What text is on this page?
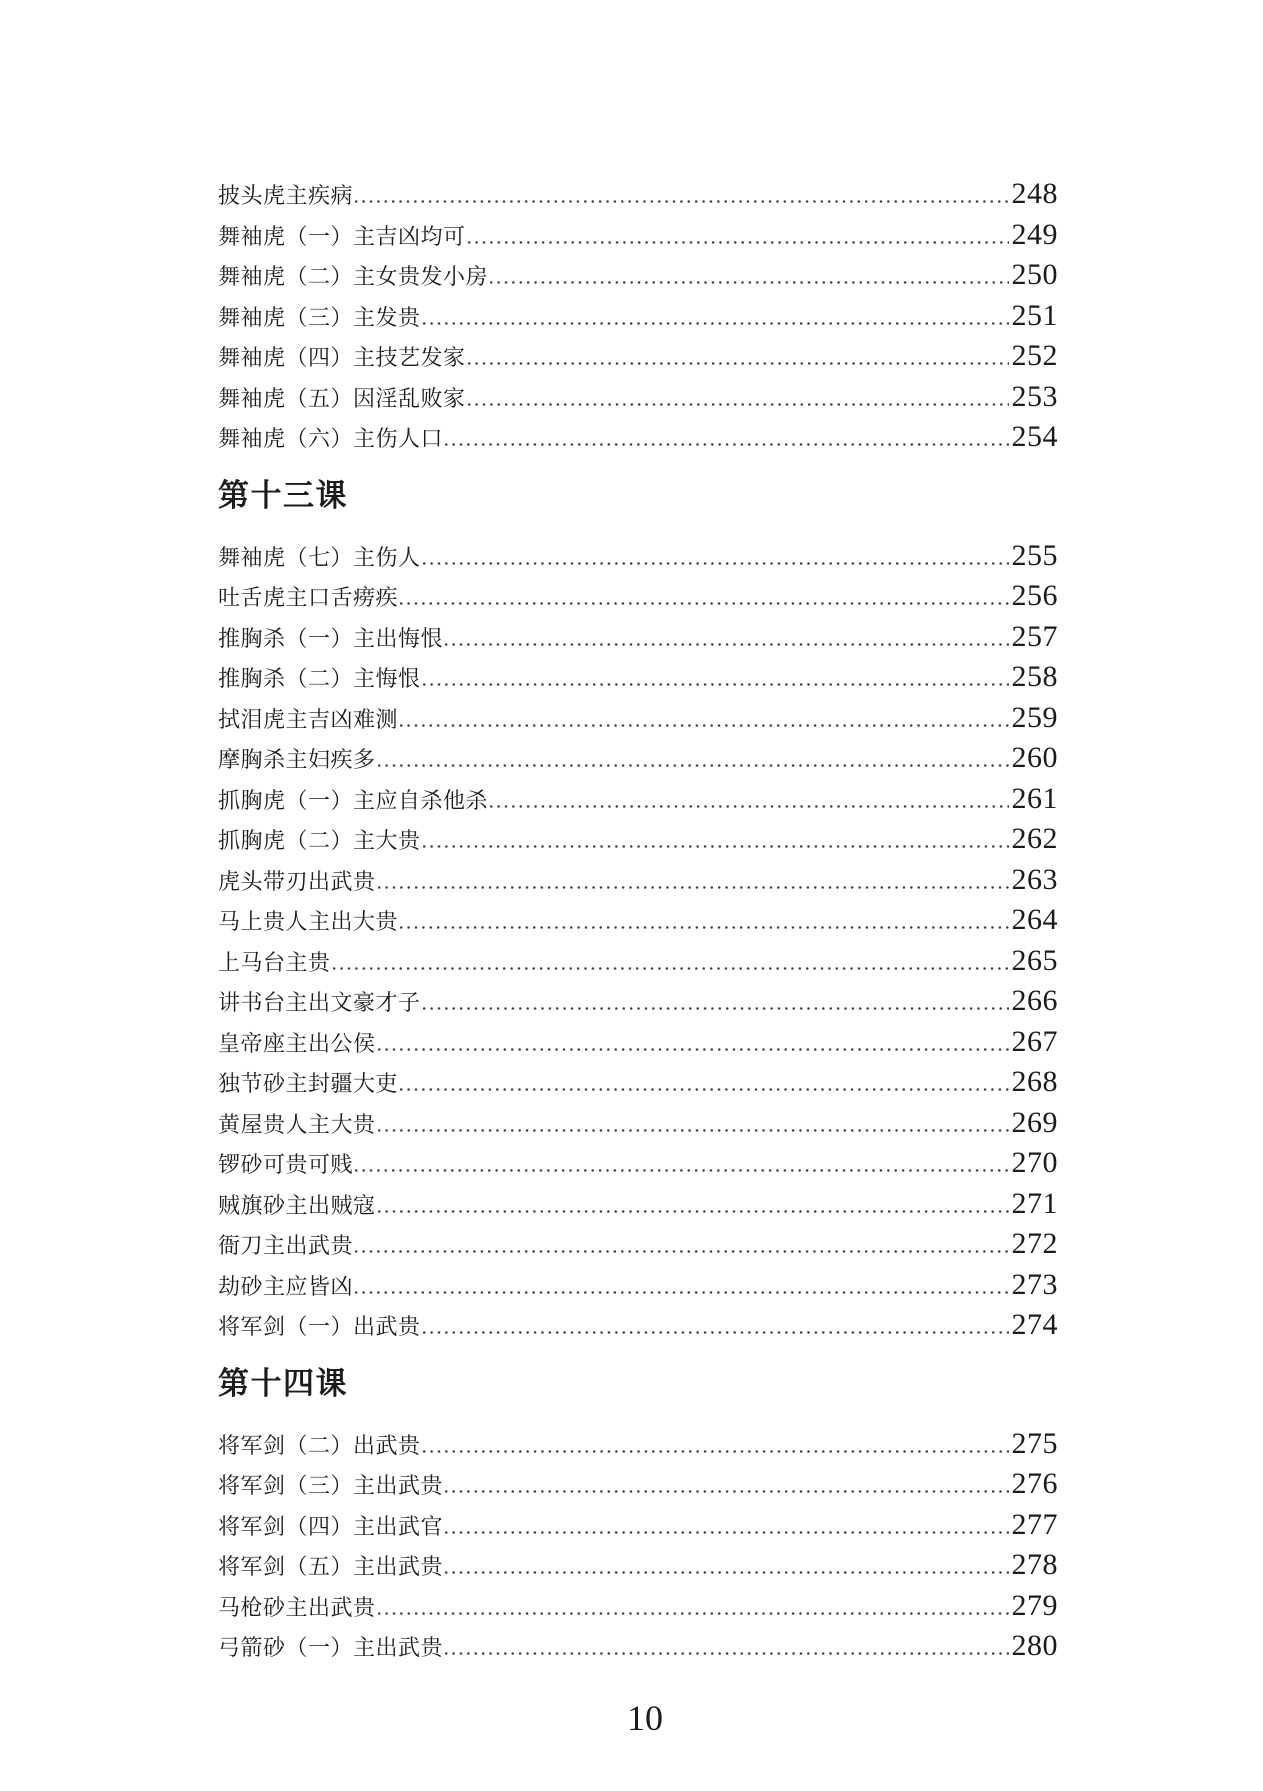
披头虎主疾病	248
舞袖虎（一）主吉凶均可	249
舞袖虎（二）主女贵发小房	250
舞袖虎（三）主发贵	251
舞袖虎（四）主技艺发家	252
舞袖虎（五）因淫乱败家	253
舞袖虎（六）主伤人口	254
第十三课
舞袖虎（七）主伤人	255
吐舌虎主口舌痨疾	256
推胸杀（一）主出悔恨	257
推胸杀（二）主悔恨	258
拭泪虎主吉凶难测	259
摩胸杀主妇疾多	260
抓胸虎（一）主应自杀他杀	261
抓胸虎（二）主大贵	262
虎头带刃出武贵	263
马上贵人主出大贵	264
上马台主贵	265
讲书台主出文豪才子	266
皇帝座主出公侯	267
独节砂主封疆大吏	268
黄屋贵人主大贵	269
锣砂可贵可贱	270
贼旗砂主出贼寇	271
衙刀主出武贵	272
劫砂主应皆凶	273
将军剑（一）出武贵	274
第十四课
将军剑（二）出武贵	275
将军剑（三）主出武贵	276
将军剑（四）主出武官	277
将军剑（五）主出武贵	278
马枪砂主出武贵	279
弓箭砂（一）主出武贵	280
10
